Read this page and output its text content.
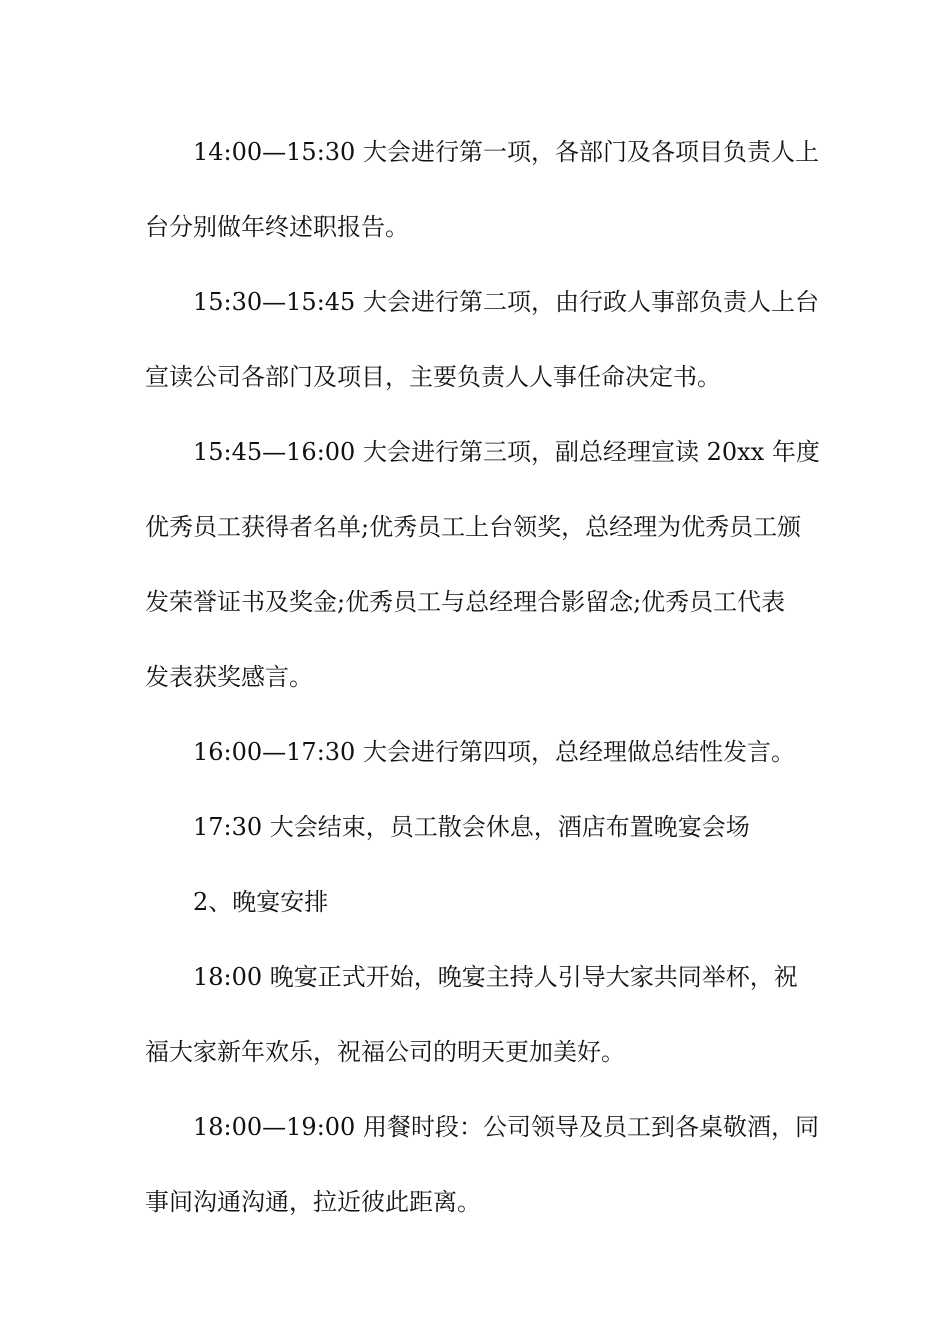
14:00—15:30 大会进行第一项，各部门及各项目负责人上
台分别做年终述职报告。
15:30—15:45 大会进行第二项，由行政人事部负责人上台
宣读公司各部门及项目，主要负责人人事任命决定书。
15:45—16:00 大会进行第三项，副总经理宣读 20xx 年度
优秀员工获得者名单;优秀员工上台领奖，总经理为优秀员工颁
发荣誉证书及奖金;优秀员工与总经理合影留念;优秀员工代表
发表获奖感言。
16:00—17:30 大会进行第四项，总经理做总结性发言。
17:30 大会结束，员工散会休息，酒店布置晚宴会场
2、晚宴安排
18:00 晚宴正式开始，晚宴主持人引导大家共同举杯，祝
福大家新年欢乐，祝福公司的明天更加美好。
18:00—19:00 用餐时段：公司领导及员工到各桌敬酒，同
事间沟通沟通，拉近彼此距离。
